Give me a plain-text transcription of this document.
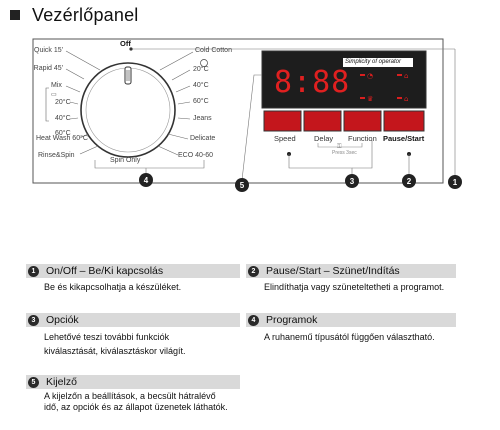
Vezérlőpanel
◔	⌂
♛	⌂
⚿
Off
Quick 15'
Rapid 45'
Mix
▭
20°C
40°C
60°C
Heat Wash 60°C
Rinse&Spin
Cold Cotton
20°C
40°C
60°C
Jeans
Delicate
ECO 40-60
Spin Only
Simplicity of operator
8:88
Speed Delay Function Pause/Start
Press 3sec
1
2
3
4
5
1	On/Off – Be/Ki kapcsolás
Be és kikapcsolhatja a készüléket.
2	Pause/Start – Szünet/Indítás
Elindíthatja vagy szüneteltetheti a programot.
3	Opciók
Lehetővé teszi további funkciók
kiválasztását, kiválasztáskor világít.
4	Programok
A ruhanemű típusától függően választható.
5	Kijelző
A kijelzőn a beállítások, a becsült hátralévő
idő, az opciók és az állapot üzenetek láthatók.
